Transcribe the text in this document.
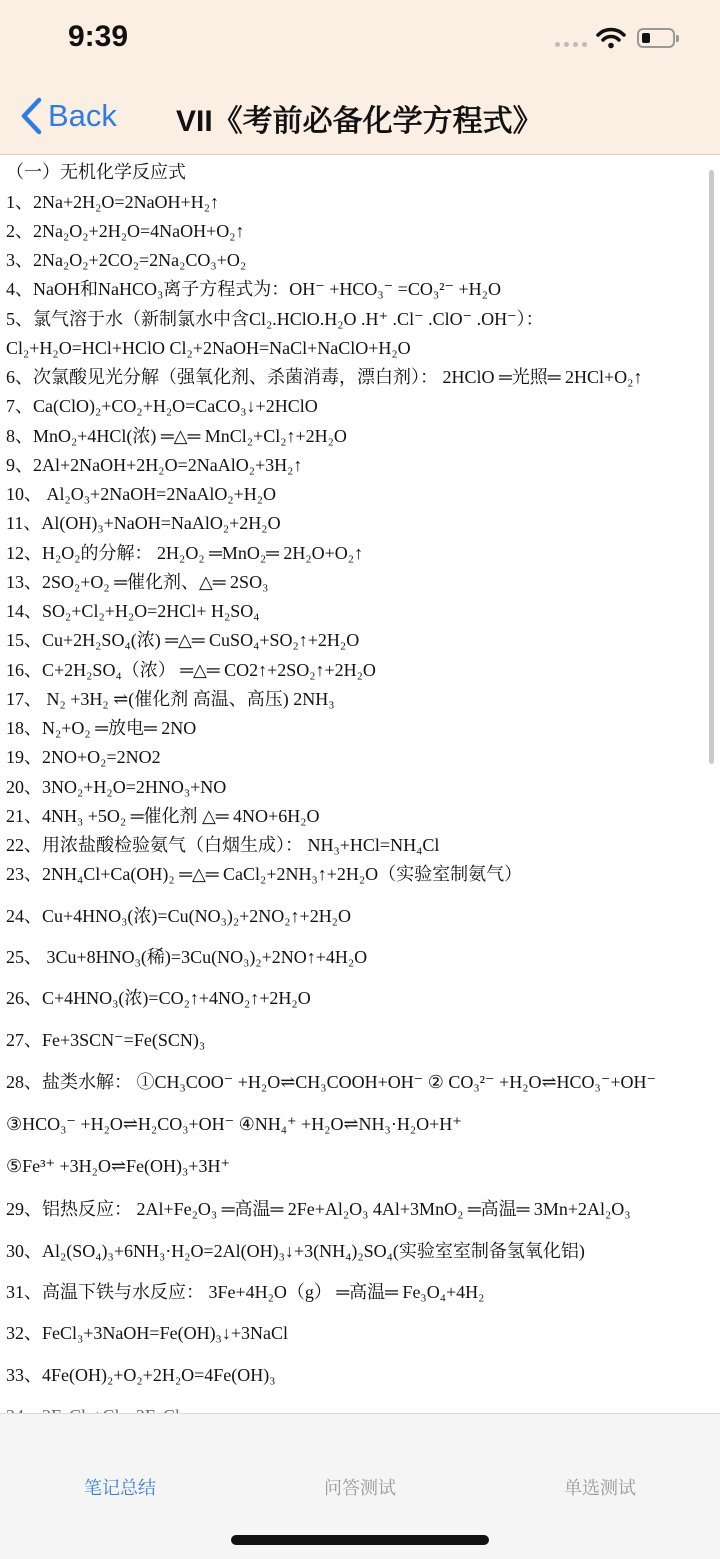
9:39
Back VII《考前必备化学方程式》
（一）无机化学反应式
1、2Na+2H₂O=2NaOH+H₂↑
2、2Na₂O₂+2H₂O=4NaOH+O₂↑
3、2Na₂O₂+2CO₂=2Na₂CO₃+O₂
4、NaOH和NaHCO₃离子方程式为：OH⁻ +HCO₃⁻ =CO₃²⁻ +H₂O
5、氯气溶于水（新制氯水中含Cl₂.HClO.H₂O .H⁺ .Cl⁻ .ClO⁻ .OH⁻）：
Cl₂+H₂O=HCl+HClO Cl₂+2NaOH=NaCl+NaClO+H₂O
6、次氯酸见光分解（强氧化剂、杀菌消毒，漂白剂）： 2HClO ═光照═ 2HCl+O₂↑
7、Ca(ClO)₂+CO₂+H₂O=CaCO₃↓+2HClO
8、MnO₂+4HCl(浓) ═△═ MnCl₂+Cl₂↑+2H₂O
9、2Al+2NaOH+2H₂O=2NaAlO₂+3H₂↑
10、 Al₂O₃+2NaOH=2NaAlO₂+H₂O
11、Al(OH)₃+NaOH=NaAlO₂+2H₂O
12、H₂O₂的分解： 2H₂O₂ ═MnO₂═ 2H₂O+O₂↑
13、2SO₂+O₂ ═催化剂、△═ 2SO₃
14、SO₂+Cl₂+H₂O=2HCl+ H₂SO₄
15、Cu+2H₂SO₄(浓) ═△═ CuSO₄+SO₂↑+2H₂O
16、C+2H₂SO₄（浓） ═△═ CO2↑+2SO₂↑+2H₂O
17、 N₂ +3H₂ ⇌(催化剂 高温、高压) 2NH₃
18、N₂+O₂ ═放电═ 2NO
19、2NO+O₂=2NO2
20、3NO₂+H₂O=2HNO₃+NO
21、4NH₃ +5O₂ ═催化剂 △═ 4NO+6H₂O
22、用浓盐酸检验氨气（白烟生成）： NH₃+HCl=NH₄Cl
23、2NH₄Cl+Ca(OH)₂ ═△═ CaCl₂+2NH₃↑+2H₂O（实验室制氨气）
24、Cu+4HNO₃(浓)=Cu(NO₃)₂+2NO₂↑+2H₂O
25、 3Cu+8HNO₃(稀)=3Cu(NO₃)₂+2NO↑+4H₂O
26、C+4HNO₃(浓)=CO₂↑+4NO₂↑+2H₂O
27、Fe+3SCN⁻=Fe(SCN)₃
28、盐类水解： ①CH₃COO⁻ +H₂O⇌CH₃COOH+OH⁻ ② CO₃²⁻ +H₂O⇌HCO₃⁻+OH⁻
③HCO₃⁻ +H₂O⇌H₂CO₃+OH⁻ ④NH₄⁺ +H₂O⇌NH₃·H₂O+H⁺
⑤Fe³⁺ +3H₂O⇌Fe(OH)₃+3H⁺
29、铝热反应： 2Al+Fe₂O₃ ═高温═ 2Fe+Al₂O₃ 4Al+3MnO₂ ═高温═ 3Mn+2Al₂O₃
30、Al₂(SO₄)₃+6NH₃·H₂O=2Al(OH)₃↓+3(NH₄)₂SO₄(实验室室制备氢氧化铝)
31、高温下铁与水反应： 3Fe+4H₂O（g） ═高温═ Fe₃O₄+4H₂
32、FeCl₃+3NaOH=Fe(OH)₃↓+3NaCl
33、4Fe(OH)₂+O₂+2H₂O=4Fe(OH)₃
笔记总结	问答测试	单选测试
